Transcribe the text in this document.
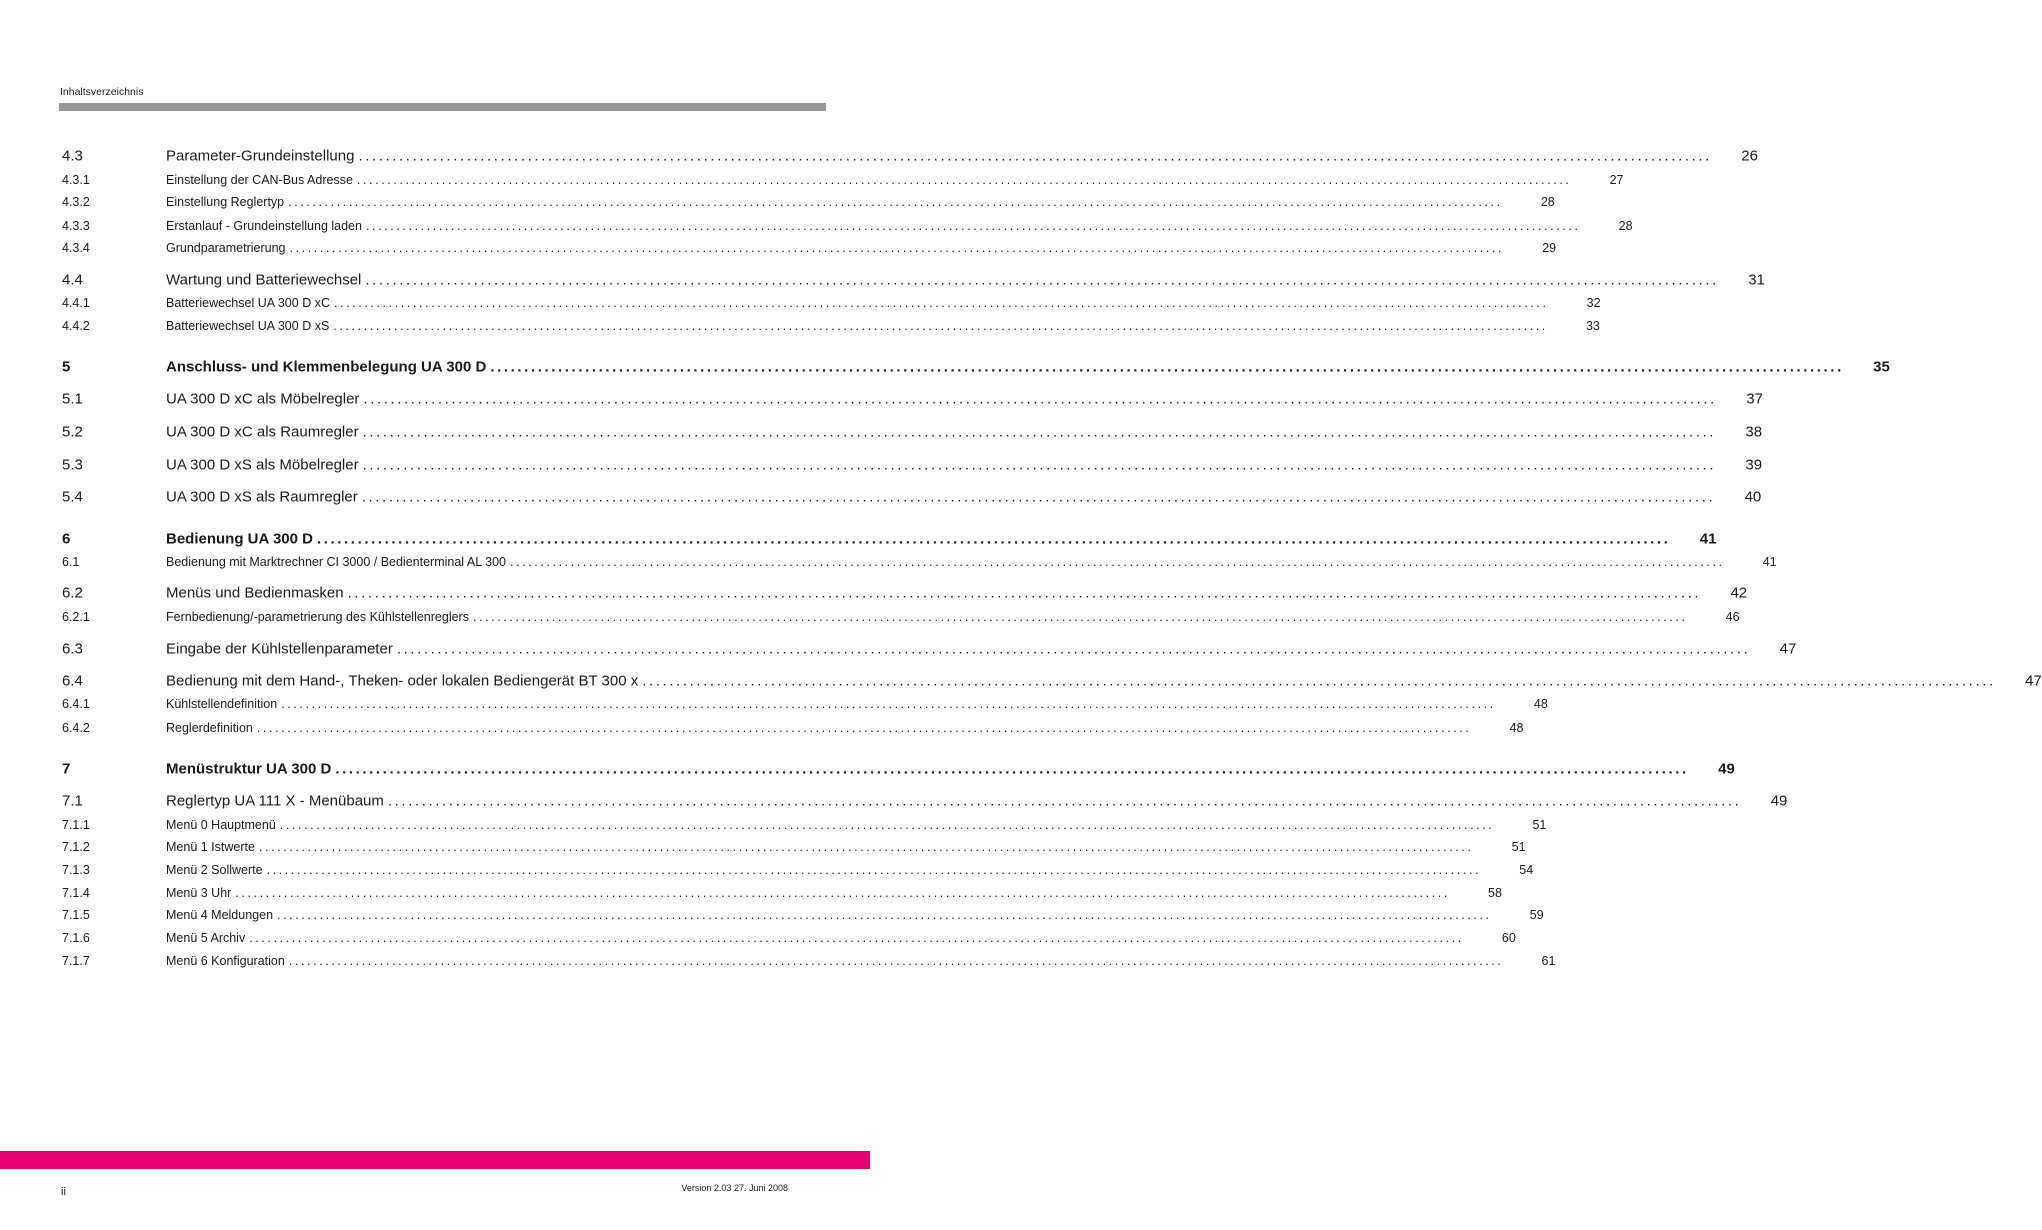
Inhaltsverzeichnis
4.3	Parameter-Grundeinstellung ........................................................................................................................................................................................................	26
4.3.1	Einstellung der CAN-Bus Adresse ........................................................................................................................................................................................................	27
4.3.2	Einstellung Reglertyp ........................................................................................................................................................................................................	28
4.3.3	Erstanlauf - Grundeinstellung laden ........................................................................................................................................................................................................	28
4.3.4	Grundparametrierung ........................................................................................................................................................................................................	29
4.4	Wartung und Batteriewechsel ........................................................................................................................................................................................................	31
4.4.1	Batteriewechsel UA 300 D xC ........................................................................................................................................................................................................	32
4.4.2	Batteriewechsel UA 300 D xS ........................................................................................................................................................................................................	33
5	Anschluss- und Klemmenbelegung UA 300 D ........................................................................................................................................................................................................	35
5.1	UA 300 D xC als Möbelregler ........................................................................................................................................................................................................	37
5.2	UA 300 D xC als Raumregler ........................................................................................................................................................................................................	38
5.3	UA 300 D xS als Möbelregler ........................................................................................................................................................................................................	39
5.4	UA 300 D xS als Raumregler ........................................................................................................................................................................................................	40
6	Bedienung UA 300 D ........................................................................................................................................................................................................	41
6.1	Bedienung mit Marktrechner CI 3000 / Bedienterminal AL 300 ........................................................................................................................................................................................................	41
6.2	Menüs und Bedienmasken ........................................................................................................................................................................................................	42
6.2.1	Fernbedienung/-parametrierung des Kühlstellenreglers ........................................................................................................................................................................................................	46
6.3	Eingabe der Kühlstellenparameter ........................................................................................................................................................................................................	47
6.4	Bedienung mit dem Hand-, Theken- oder lokalen Bediengerät BT 300 x ........................................................................................................................................................................................................	47
6.4.1	Kühlstellendefinition ........................................................................................................................................................................................................	48
6.4.2	Reglerdefinition ........................................................................................................................................................................................................	48
7	Menüstruktur UA 300 D ........................................................................................................................................................................................................	49
7.1	Reglertyp UA 111 X - Menübaum ........................................................................................................................................................................................................	49
7.1.1	Menü 0 Hauptmenü ........................................................................................................................................................................................................	51
7.1.2	Menü 1 Istwerte ........................................................................................................................................................................................................	51
7.1.3	Menü 2 Sollwerte ........................................................................................................................................................................................................	54
7.1.4	Menü 3 Uhr ........................................................................................................................................................................................................	58
7.1.5	Menü 4 Meldungen ........................................................................................................................................................................................................	59
7.1.6	Menü 5 Archiv ........................................................................................................................................................................................................	60
7.1.7	Menü 6 Konfiguration ........................................................................................................................................................................................................	61
ii	Version 2.03 27. Juni 2008
